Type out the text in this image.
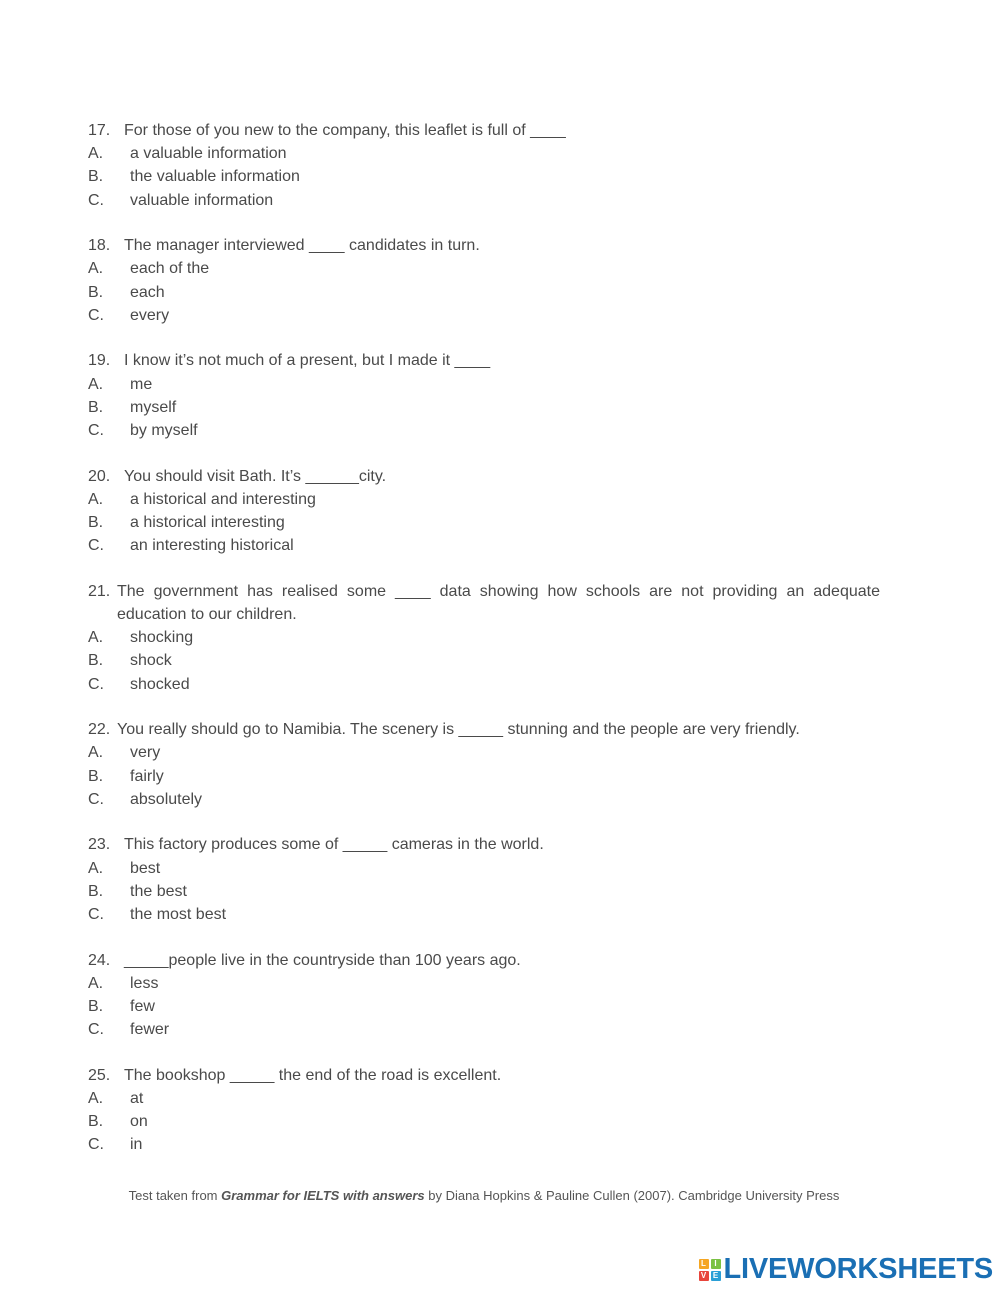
17. For those of you new to the company, this leaflet is full of ____
A.	a valuable information
B.	the valuable information
C.	valuable information
18. The manager interviewed ____ candidates in turn.
A.	each of the
B.	each
C.	every
19. I know it’s not much of a present, but I made it ____
A.	me
B.	myself
C.	by myself
20. You should visit Bath. It’s ______city.
A.	a historical and interesting
B.	a historical interesting
C.	an interesting historical
21. The government has realised some ____ data showing how schools are not providing an adequate education to our children.
A.	shocking
B.	shock
C.	shocked
22. You really should go to Namibia. The scenery is _____ stunning and the people are very friendly.
A.	very
B.	fairly
C.	absolutely
23. This factory produces some of _____ cameras in the world.
A.	best
B.	the best
C.	the most best
24. _____people live in the countryside than 100 years ago.
A.	less
B.	few
C.	fewer
25. The bookshop _____ the end of the road is excellent.
A.	at
B.	on
C.	in
Test taken from Grammar for IELTS with answers by Diana Hopkins & Pauline Cullen (2007). Cambridge University Press
L	I
V E LIVEWORKSHEETS
